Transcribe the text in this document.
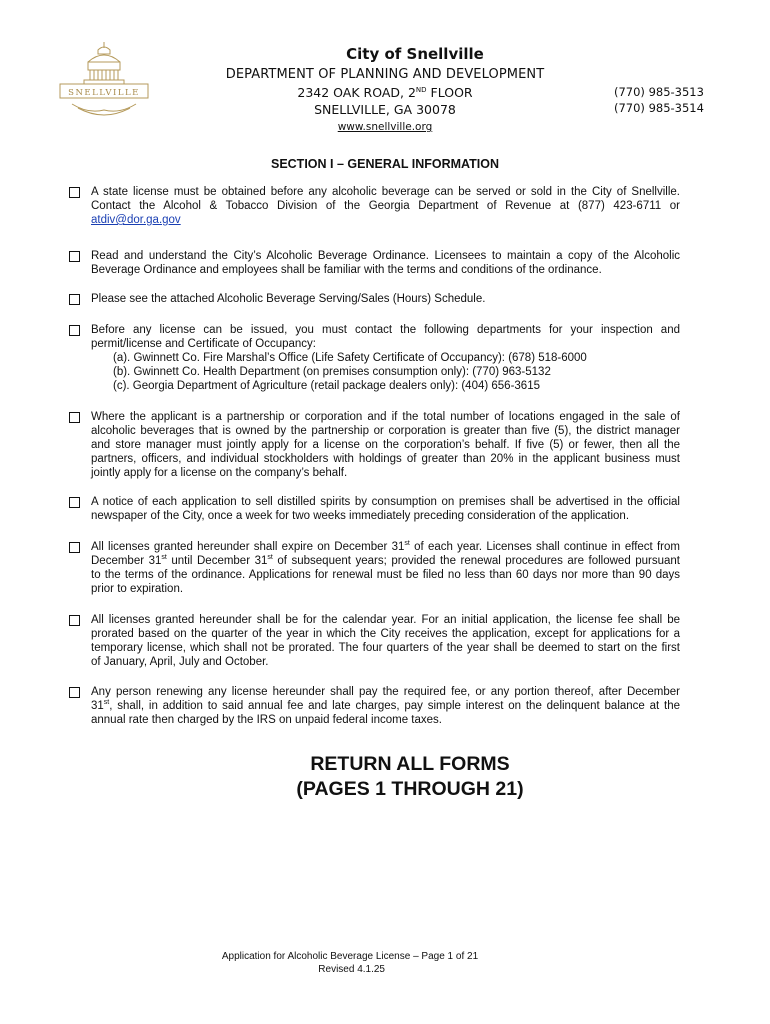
SNELLVILLE
City of Snellville
DEPARTMENT OF PLANNING AND DEVELOPMENT
2342 OAK ROAD, 2ND FLOOR
SNELLVILLE, GA 30078
(770) 985-3513
(770) 985-3514
www.snellville.org
SECTION I – GENERAL INFORMATION
A state license must be obtained before any alcoholic beverage can be served or sold in the City of Snellville.
Contact the Alcohol & Tobacco Division of the Georgia Department of Revenue at (877) 423-6711 or
atdiv@dor.ga.gov
Read and understand the City’s Alcoholic Beverage Ordinance. Licensees to maintain a copy of the Alcoholic
Beverage Ordinance and employees shall be familiar with the terms and conditions of the ordinance.
Please see the attached Alcoholic Beverage Serving/Sales (Hours) Schedule.
Before any license can be issued, you must contact the following departments for your inspection and
permit/license and Certificate of Occupancy:
(a). Gwinnett Co. Fire Marshal’s Office (Life Safety Certificate of Occupancy): (678) 518-6000
(b). Gwinnett Co. Health Department (on premises consumption only): (770) 963-5132
(c). Georgia Department of Agriculture (retail package dealers only): (404) 656-3615
Where the applicant is a partnership or corporation and if the total number of locations engaged in the sale of
alcoholic beverages that is owned by the partnership or corporation is greater than five (5), the district manager
and store manager must jointly apply for a license on the corporation’s behalf. If five (5) or fewer, then all the
partners, officers, and individual stockholders with holdings of greater than 20% in the applicant business must
jointly apply for a license on the company’s behalf.
A notice of each application to sell distilled spirits by consumption on premises shall be advertised in the official
newspaper of the City, once a week for two weeks immediately preceding consideration of the application.
All licenses granted hereunder shall expire on December 31st of each year. Licenses shall continue in effect from
December 31st until December 31st of subsequent years; provided the renewal procedures are followed pursuant
to the terms of the ordinance. Applications for renewal must be filed no less than 60 days nor more than 90 days
prior to expiration.
All licenses granted hereunder shall be for the calendar year. For an initial application, the license fee shall be
prorated based on the quarter of the year in which the City receives the application, except for applications for a
temporary license, which shall not be prorated. The four quarters of the year shall be deemed to start on the first
of January, April, July and October.
Any person renewing any license hereunder shall pay the required fee, or any portion thereof, after December
31st, shall, in addition to said annual fee and late charges, pay simple interest on the delinquent balance at the
annual rate then charged by the IRS on unpaid federal income taxes.
RETURN ALL FORMS
(PAGES 1 THROUGH 21)
Application for Alcoholic Beverage License – Page 1 of 21
Revised 4.1.25
